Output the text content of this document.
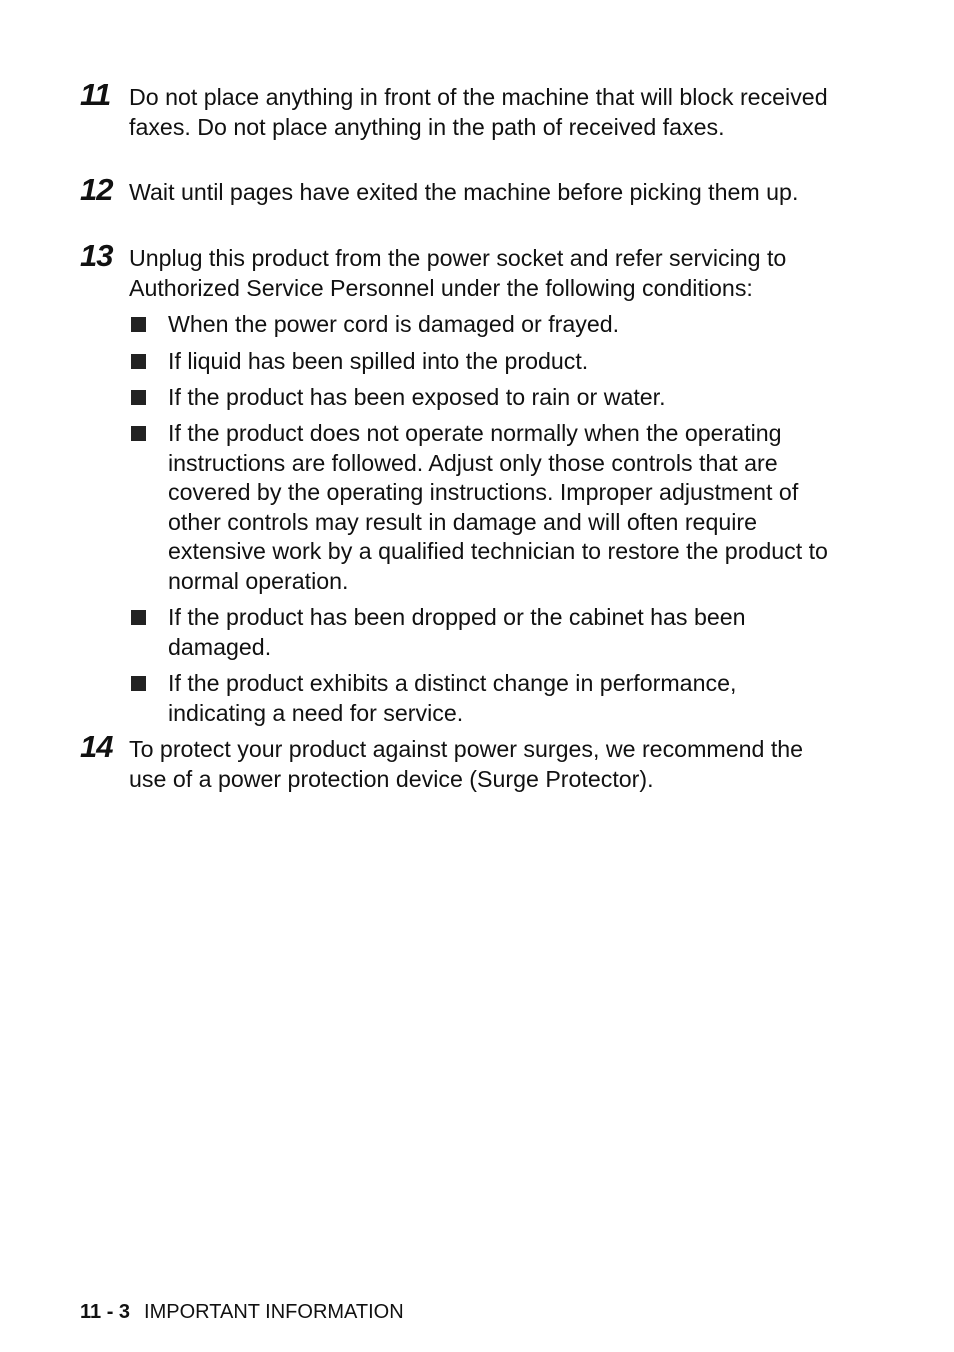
11 Do not place anything in front of the machine that will block received faxes. Do not place anything in the path of received faxes.
12 Wait until pages have exited the machine before picking them up.
13 Unplug this product from the power socket and refer servicing to Authorized Service Personnel under the following conditions:
When the power cord is damaged or frayed.
If liquid has been spilled into the product.
If the product has been exposed to rain or water.
If the product does not operate normally when the operating instructions are followed. Adjust only those controls that are covered by the operating instructions. Improper adjustment of other controls may result in damage and will often require extensive work by a qualified technician to restore the product to normal operation.
If the product has been dropped or the cabinet has been damaged.
If the product exhibits a distinct change in performance, indicating a need for service.
14 To protect your product against power surges, we recommend the use of a power protection device (Surge Protector).
11 - 3 IMPORTANT INFORMATION
